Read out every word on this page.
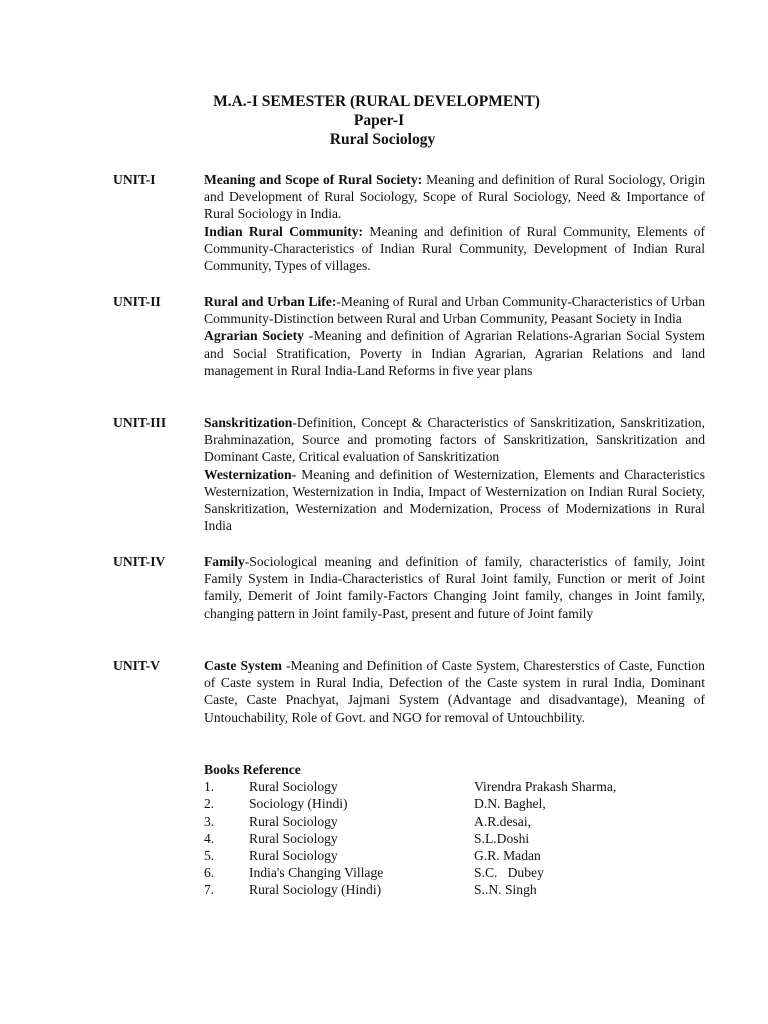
M.A.-I SEMESTER (RURAL DEVELOPMENT)
Paper-I
Rural Sociology
UNIT-I	Meaning and Scope of Rural Society: Meaning and definition of Rural Sociology, Origin and Development of Rural Sociology, Scope of Rural Sociology, Need & Importance of Rural Sociology in India.

Indian Rural Community: Meaning and definition of Rural Community, Elements of Community-Characteristics of Indian Rural Community, Development of Indian Rural Community, Types of villages.

UNIT-II	Rural and Urban Life:-Meaning of Rural and Urban Community-Characteristics of Urban Community-Distinction between Rural and Urban Community, Peasant Society in India

Agrarian Society -Meaning and definition of Agrarian Relations-Agrarian Social System and Social Stratification, Poverty in Indian Agrarian, Agrarian Relations and land management in Rural India-Land Reforms in five year plans

UNIT-III	Sanskritization-Definition, Concept & Characteristics of Sanskritization, Sanskritization, Brahminazation, Source and promoting factors of Sanskritization, Sanskritization and Dominant Caste, Critical evaluation of Sanskritization

Westernization- Meaning and definition of Westernization, Elements and Characteristics Westernization, Westernization in India, Impact of Westernization on Indian Rural Society, Sanskritization, Westernization and Modernization, Process of Modernizations in Rural India

UNIT-IV	Family-Sociological meaning and definition of family, characteristics of family, Joint Family System in India-Characteristics of Rural Joint family, Function or merit of Joint family, Demerit of Joint family-Factors Changing Joint family, changes in Joint family, changing pattern in Joint family-Past, present and future of Joint family

UNIT-V	Caste System -Meaning and Definition of Caste System, Charesterstics of Caste, Function of Caste system in Rural India, Defection of the Caste system in rural India, Dominant Caste, Caste Pnachyat, Jajmani System (Advantage and disadvantage), Meaning of Untouchability, Role of Govt. and NGO for removal of Untouchbility.

Books Reference
1.	Rural Sociology	Virendra Prakash Sharma,
2.	Sociology (Hindi)	D.N. Baghel,
3.	Rural Sociology	A.R.desai,
4.	Rural Sociology	S.L.Doshi
5.	Rural Sociology	G.R. Madan
6.	India's Changing Village	S.C.   Dubey
7.	Rural Sociology (Hindi)	S..N. Singh
